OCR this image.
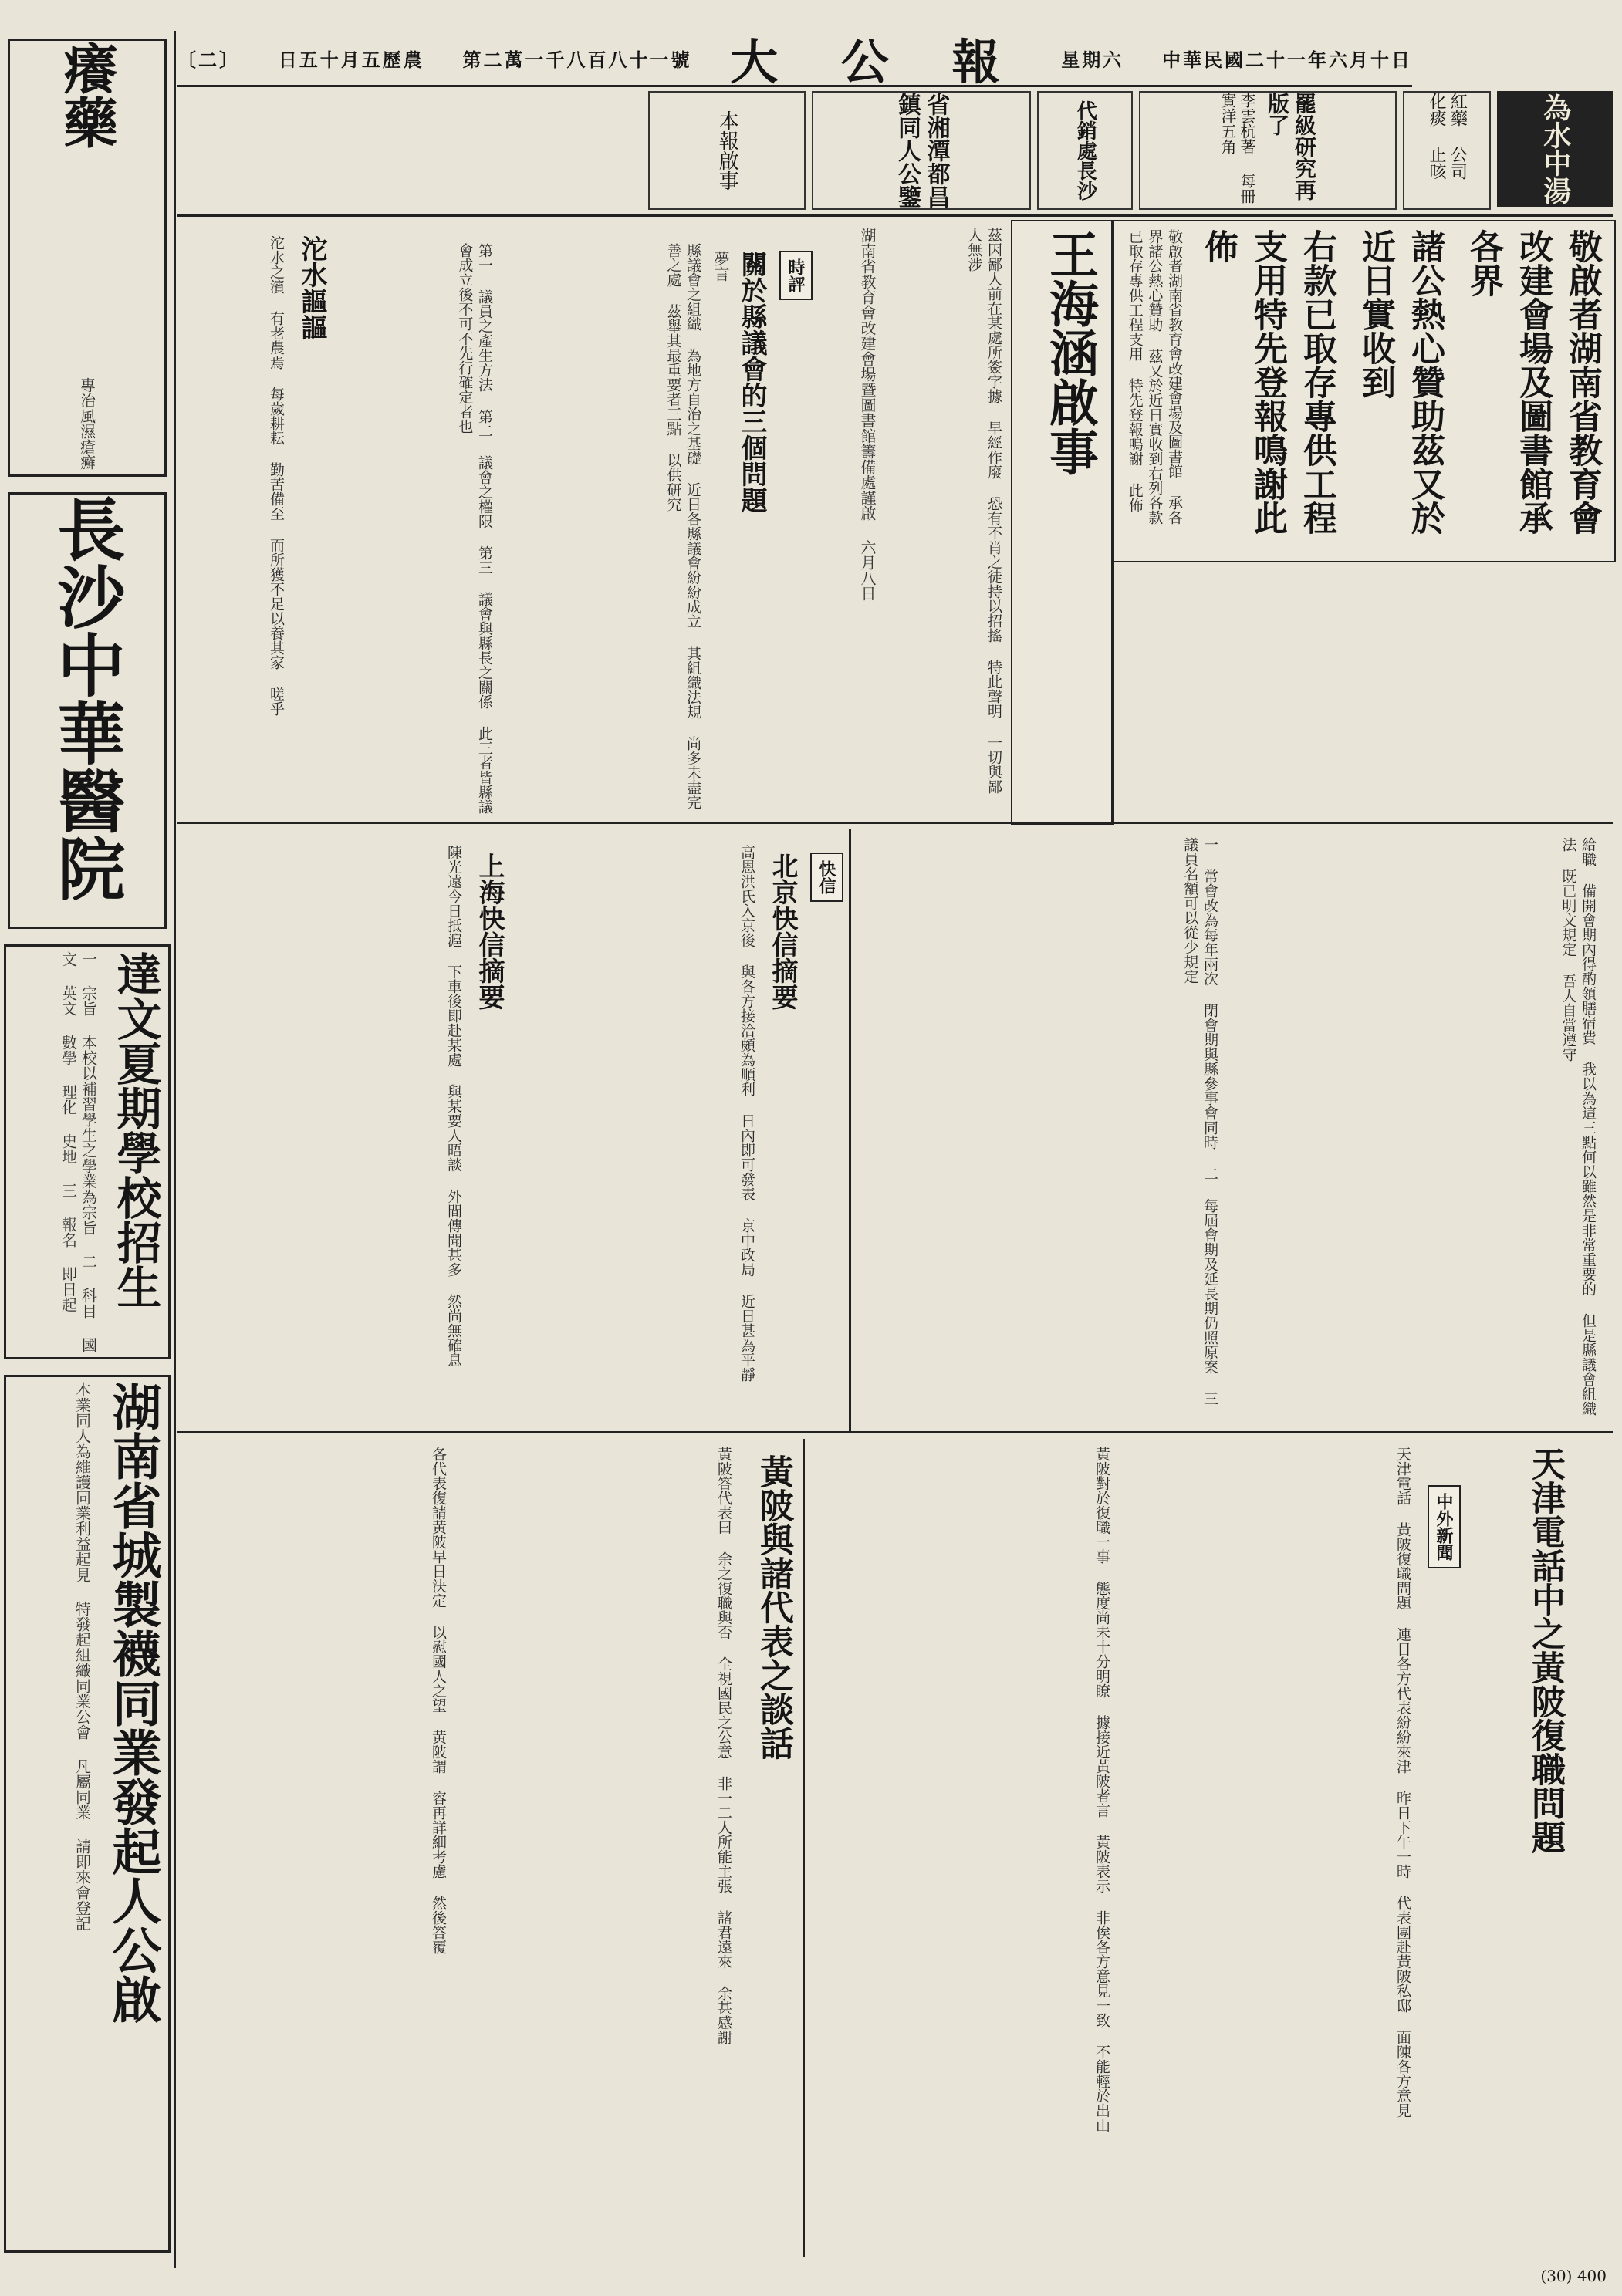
〔二〕 日五十月五歷農 第二萬一千八百八十一號 大 公 報 星期六 中華民國二十一年六月十日
癢藥
專治風濕瘡癬
長沙中華醫院
達文夏期學校招生
一 宗旨 本校以補習學生之學業為宗旨 二 科目 國文 英文 數學 理化 史地 三 報名 即日起
湖南省城製襪同業發起人公啟
本業同人為維護同業利益起見 特發起組織同業公會 凡屬同業 請即來會登記
為水中湯
紅藥 公司 化痰 止咳
罷級研究再版了
李雲杭著 每冊實洋五角
代銷處長沙
省湘潭都昌鎮同人公鑒
本報啟事
敬啟者湖南省教育會改建會場及圖書館承各界
諸公熱心贊助茲又於近日實收到
右款已取存專供工程支用特先登報鳴謝此佈
敬啟者湖南省教育會改建會場及圖書館 承各界諸公熱心贊助 茲又於近日實收到右列各款 已取存專供工程支用 特先登報鳴謝 此佈
王海涵啟事
茲因鄙人前在某處所簽字據 早經作廢 恐有不肖之徒持以招搖 特此聲明 一切與鄙人無涉
湖南省教育會改建會場暨圖書館籌備處謹啟 六月八日
時評
關於縣議會的三個問題
夢言
縣議會之組織 為地方自治之基礎 近日各縣議會紛紛成立 其組織法規 尚多未盡完善之處 茲舉其最重要者三點 以供研究
第一 議員之產生方法 第二 議會之權限 第三 議會與縣長之關係 此三者皆縣議會成立後不可不先行確定者也
沱水謳謳
沱水之濱 有老農焉 每歲耕耘 勤苦備至 而所獲不足以養其家 嗟乎
給職 備開會期內得酌領膳宿費 我以為這三點何以雖然是非常重要的 但是縣議會組織法 既已明文規定 吾人自當遵守
一 常會改為每年兩次 閉會期與縣參事會同時 二 每屆會期及延長期仍照原案 三 議員名額可以從少規定
快信
北京快信摘要
高恩洪氏入京後 與各方接洽頗為順利 日內即可發表 京中政局 近日甚為平靜
上海快信摘要
陳光遠今日抵滬 下車後即赴某處 與某要人晤談 外間傳聞甚多 然尚無確息
中外新聞 天津電話中之黃陂復職問題
天津電話 黃陂復職問題 連日各方代表紛紛來津 昨日下午一時 代表團赴黃陂私邸 面陳各方意見
黃陂對於復職一事 態度尚未十分明瞭 據接近黃陂者言 黃陂表示 非俟各方意見一致 不能輕於出山
黃陂與諸代表之談話
黃陂答代表曰 余之復職與否 全視國民之公意 非一二人所能主張 諸君遠來 余甚感謝
各代表復請黃陂早日決定 以慰國人之望 黃陂謂 容再詳細考慮 然後答覆
(30) 400
